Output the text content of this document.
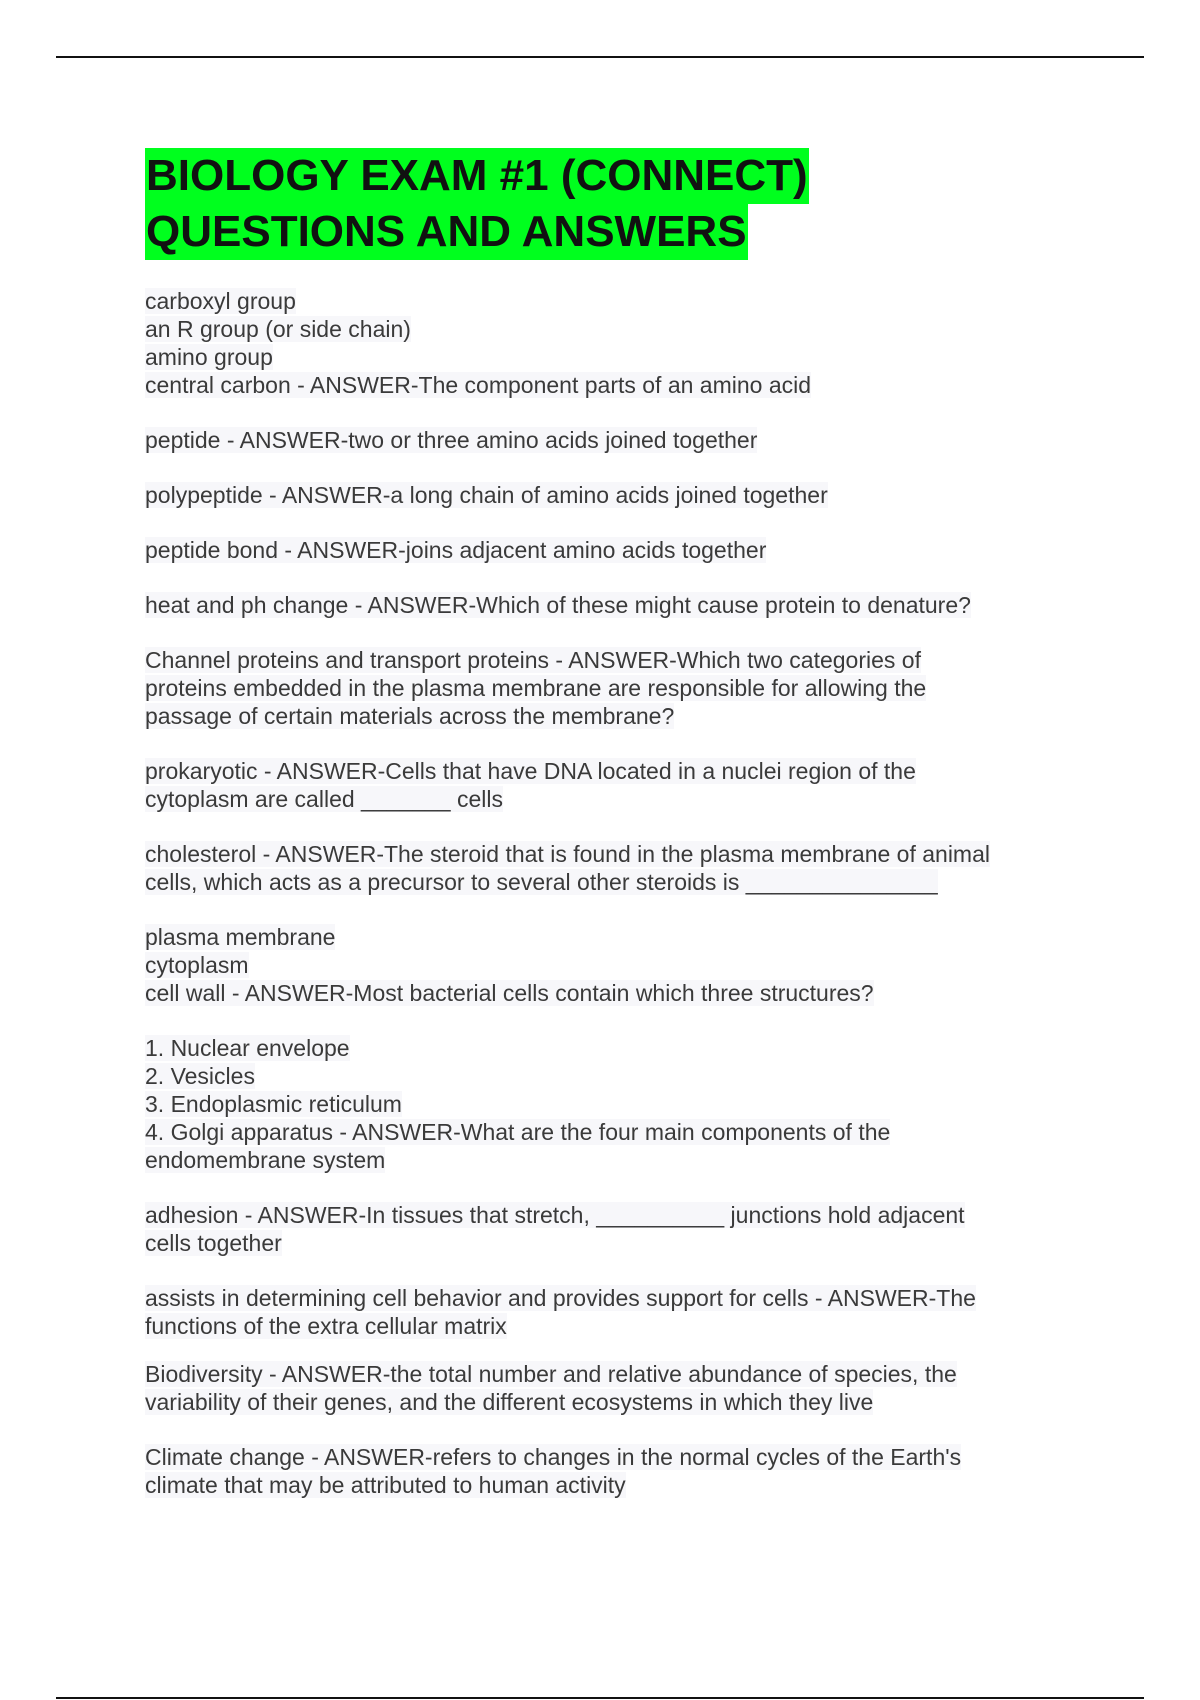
BIOLOGY EXAM #1 (CONNECT)
QUESTIONS AND ANSWERS
carboxyl group
an R group (or side chain)
amino group
central carbon - ANSWER-The component parts of an amino acid
peptide - ANSWER-two or three amino acids joined together
polypeptide - ANSWER-a long chain of amino acids joined together
peptide bond - ANSWER-joins adjacent amino acids together
heat and ph change - ANSWER-Which of these might cause protein to denature?
Channel proteins and transport proteins - ANSWER-Which two categories of
proteins embedded in the plasma membrane are responsible for allowing the
passage of certain materials across the membrane?
prokaryotic - ANSWER-Cells that have DNA located in a nuclei region of the
cytoplasm are called _______ cells
cholesterol - ANSWER-The steroid that is found in the plasma membrane of animal
cells, which acts as a precursor to several other steroids is _______________
plasma membrane
cytoplasm
cell wall - ANSWER-Most bacterial cells contain which three structures?
1. Nuclear envelope
2. Vesicles
3. Endoplasmic reticulum
4. Golgi apparatus - ANSWER-What are the four main components of the
endomembrane system
adhesion - ANSWER-In tissues that stretch, __________ junctions hold adjacent
cells together
assists in determining cell behavior and provides support for cells - ANSWER-The
functions of the extra cellular matrix
Biodiversity - ANSWER-the total number and relative abundance of species, the
variability of their genes, and the different ecosystems in which they live
Climate change - ANSWER-refers to changes in the normal cycles of the Earth's
climate that may be attributed to human activity
